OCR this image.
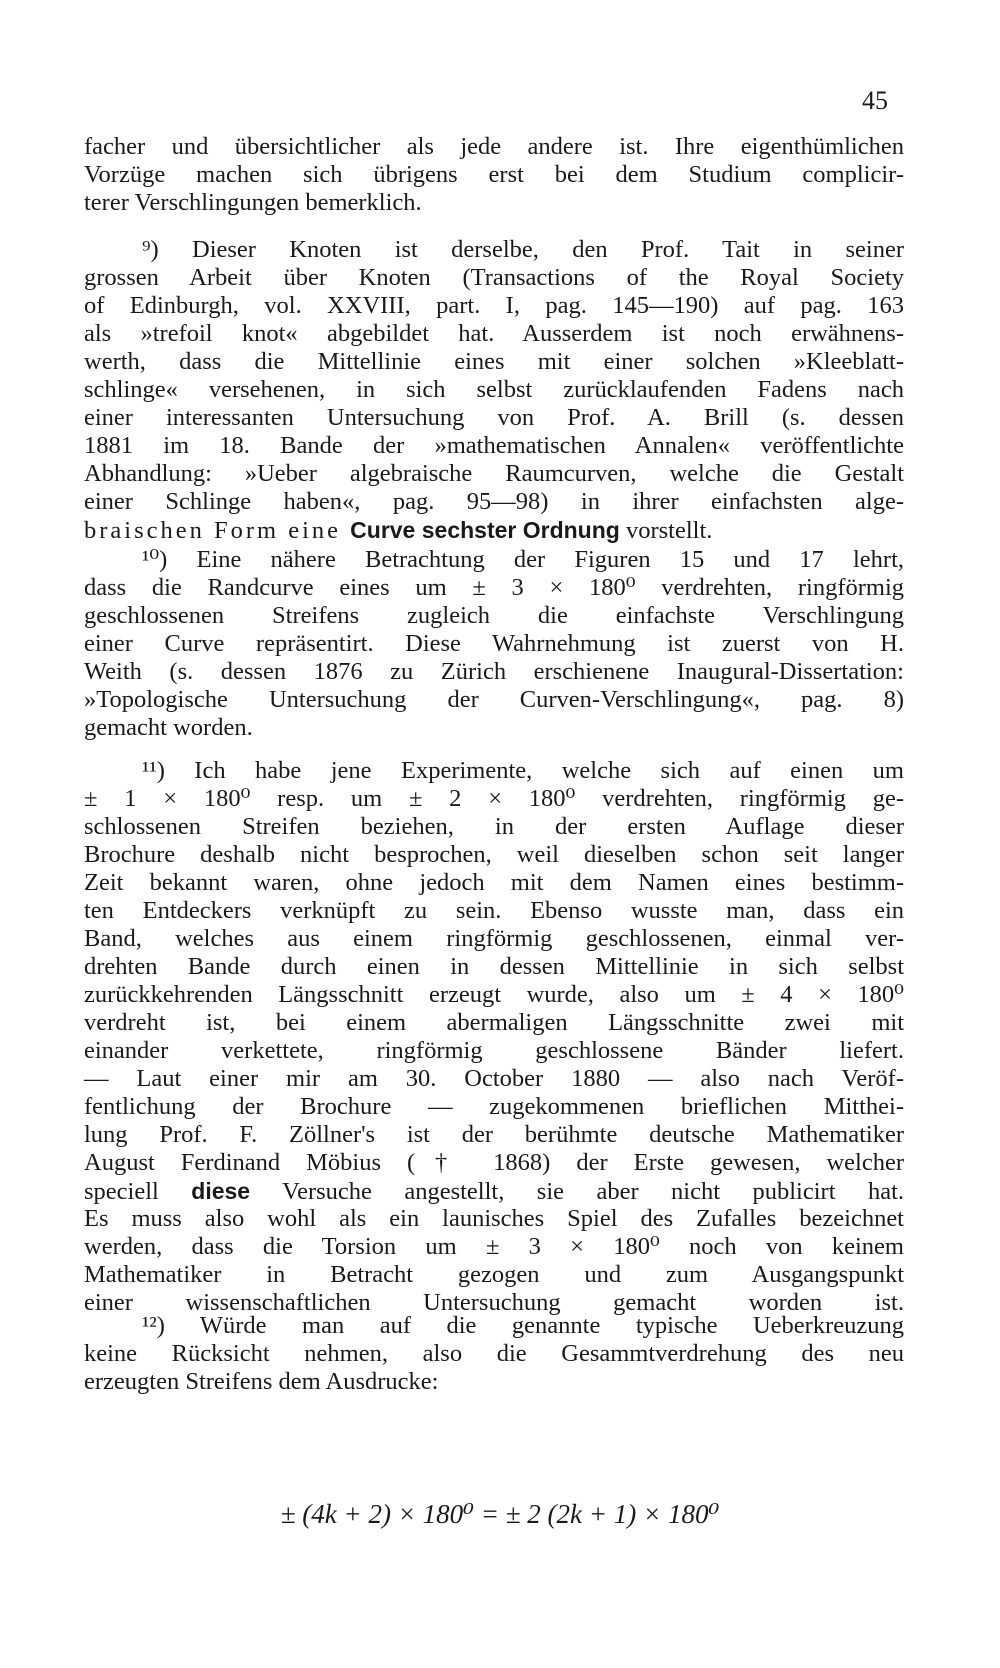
45
facher und übersichtlicher als jede andere ist. Ihre eigenthümlichen
Vorzüge machen sich übrigens erst bei dem Studium complicir-
terer Verschlingungen bemerklich.
⁹) Dieser Knoten ist derselbe, den Prof. Tait in seiner
grossen Arbeit über Knoten (Transactions of the Royal Society
of Edinburgh, vol. XXVIII, part. I, pag. 145—190) auf pag. 163
als »trefoil knot« abgebildet hat. Ausserdem ist noch erwähnens-
werth, dass die Mittellinie eines mit einer solchen »Kleeblatt-
schlinge« versehenen, in sich selbst zurücklaufenden Fadens nach
einer interessanten Untersuchung von Prof. A. Brill (s. dessen
1881 im 18. Bande der »mathematischen Annalen« veröffentlichte
Abhandlung: »Ueber algebraische Raumcurven, welche die Gestalt
einer Schlinge haben«, pag. 95—98) in ihrer einfachsten alge-
braischen Form eine Curve sechster Ordnung vorstellt.
¹⁰) Eine nähere Betrachtung der Figuren 15 und 17 lehrt,
dass die Randcurve eines um ± 3 × 180⁰ verdrehten, ringförmig
geschlossenen Streifens zugleich die einfachste Verschlingung
einer Curve repräsentirt. Diese Wahrnehmung ist zuerst von H.
Weith (s. dessen 1876 zu Zürich erschienene Inaugural-Dissertation:
»Topologische Untersuchung der Curven-Verschlingung«, pag. 8)
gemacht worden.
¹¹) Ich habe jene Experimente, welche sich auf einen um
± 1 × 180⁰ resp. um ± 2 × 180⁰ verdrehten, ringförmig ge-
schlossenen Streifen beziehen, in der ersten Auflage dieser
Brochure deshalb nicht besprochen, weil dieselben schon seit langer
Zeit bekannt waren, ohne jedoch mit dem Namen eines bestimm-
ten Entdeckers verknüpft zu sein. Ebenso wusste man, dass ein
Band, welches aus einem ringförmig geschlossenen, einmal ver-
drehten Bande durch einen in dessen Mittellinie in sich selbst
zurückkehrenden Längsschnitt erzeugt wurde, also um ± 4 × 180⁰
verdreht ist, bei einem abermaligen Längsschnitte zwei mit
einander verkettete, ringförmig geschlossene Bänder liefert.
— Laut einer mir am 30. October 1880 — also nach Veröf-
fentlichung der Brochure — zugekommenen brieflichen Mitthei-
lung Prof. F. Zöllner's ist der berühmte deutsche Mathematiker
August Ferdinand Möbius († 1868) der Erste gewesen, welcher
speciell diese Versuche angestellt, sie aber nicht publicirt hat.
Es muss also wohl als ein launisches Spiel des Zufalles bezeichnet
werden, dass die Torsion um ± 3 × 180⁰ noch von keinem
Mathematiker in Betracht gezogen und zum Ausgangspunkt
einer wissenschaftlichen Untersuchung gemacht worden ist.
¹²) Würde man auf die genannte typische Ueberkreuzung
keine Rücksicht nehmen, also die Gesammtverdrehung des neu
erzeugten Streifens dem Ausdrucke:
± (4k + 2) × 180⁰ = ± 2 (2k + 1) × 180⁰
